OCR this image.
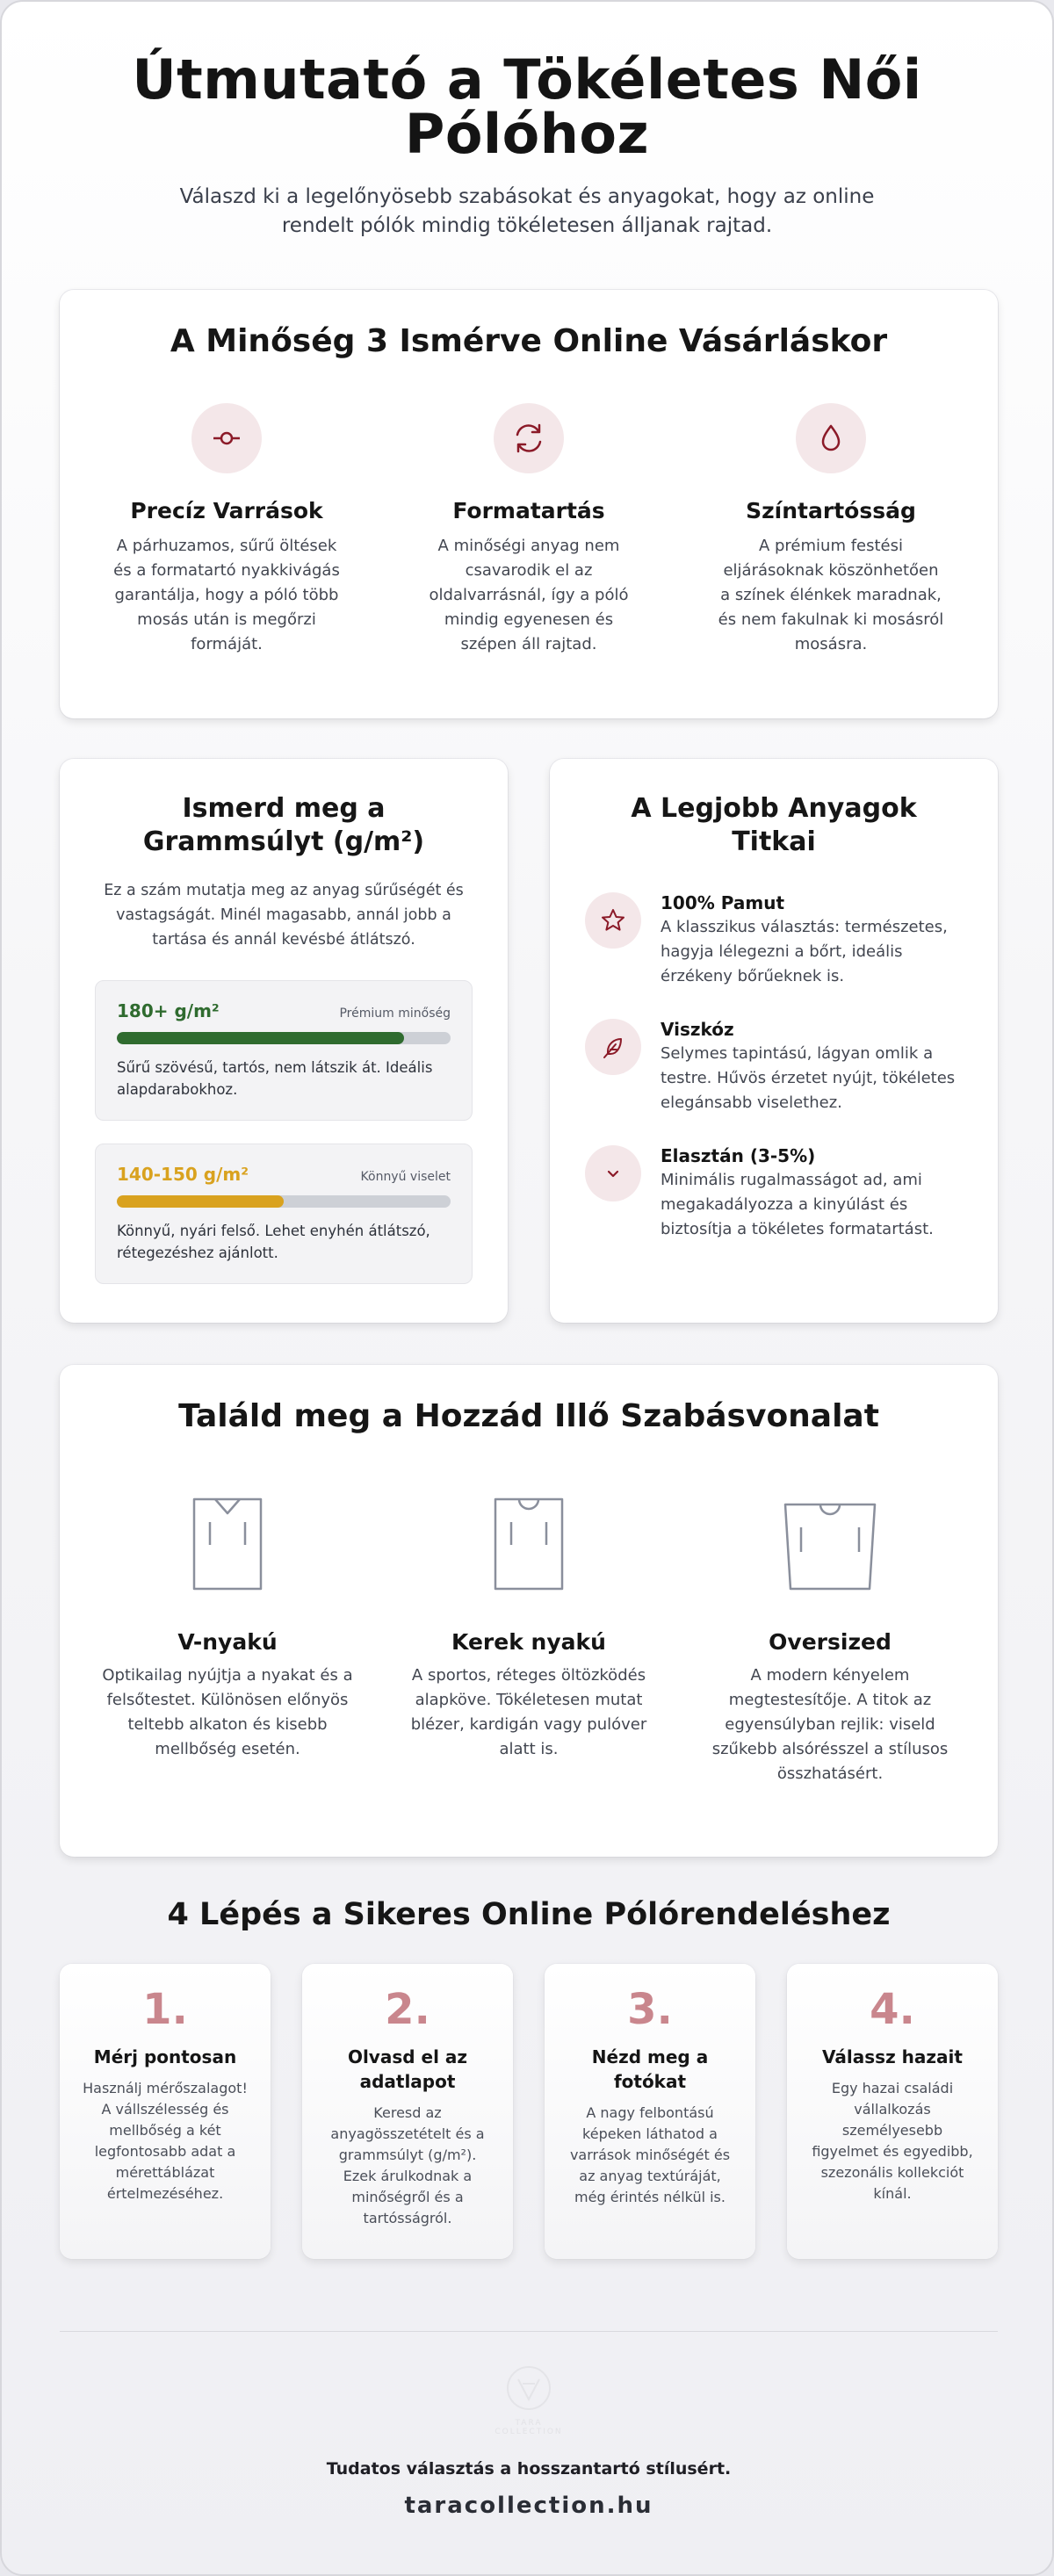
Útmutató a Tökéletes Női Pólóhoz

Válaszd ki a legelőnyösebb szabásokat és anyagokat, hogy az online rendelt pólók mindig tökéletesen álljanak rajtad.

A Minőség 3 Ismérve Online Vásárláskor
Precíz Varrások

A párhuzamos, sűrű öltések és a formatartó nyakkivágás garantálja, hogy a póló több mosás után is megőrzi formáját.

Formatartás

A minőségi anyag nem csavarodik el az oldalvarrásnál, így a póló mindig egyenesen és szépen áll rajtad.

Színtartósság

A prémium festési eljárásoknak köszönhetően a színek élénkek maradnak, és nem fakulnak ki mosásról mosásra.

Ismerd meg a Grammsúlyt (g/m²)

Ez a szám mutatja meg az anyag sűrűségét és vastagságát. Minél magasabb, annál jobb a tartása és annál kevésbé átlátszó.

180+ g/m²	Prémium minőség

Sűrű szövésű, tartós, nem látszik át. Ideális alapdarabokhoz.

140-150 g/m²	Könnyű viselet

Könnyű, nyári felső. Lehet enyhén átlátszó, rétegezéshez ajánlott.

A Legjobb Anyagok Titkai
100% Pamut

A klasszikus választás: természetes, hagyja lélegezni a bőrt, ideális érzékeny bőrűeknek is.

Viszkóz

Selymes tapintású, lágyan omlik a testre. Hűvös érzetet nyújt, tökéletes elegánsabb viselethez.

Elasztán (3-5%)

Minimális rugalmasságot ad, ami megakadályozza a kinyúlást és biztosítja a tökéletes formatartást.

Találd meg a Hozzád Illő Szabásvonalat
V-nyakú

Optikailag nyújtja a nyakat és a felsőtestet. Különösen előnyös teltebb alkaton és kisebb mellbőség esetén.

Kerek nyakú

A sportos, réteges öltözködés alapköve. Tökéletesen mutat blézer, kardigán vagy pulóver alatt is.

Oversized

A modern kényelem megtestesítője. A titok az egyensúlyban rejlik: viseld szűkebb alsórésszel a stílusos összhatásért.

4 Lépés a Sikeres Online Pólórendeléshez
1.
Mérj pontosan

Használj mérőszalagot! A vállszélesség és mellbőség a két legfontosabb adat a mérettáblázat értelmezéséhez.

2.
Olvasd el az adatlapot

Keresd az anyagösszetételt és a grammsúlyt (g/m²). Ezek árulkodnak a minőségről és a tartósságról.

3.
Nézd meg a fotókat

A nagy felbontású képeken láthatod a varrások minőségét és az anyag textúráját, még érintés nélkül is.

4.
Válassz hazait

Egy hazai családi vállalkozás személyesebb figyelmet és egyedibb, szezonális kollekciót kínál.

TARA COLLECTION

Tudatos választás a hosszantartó stílusért.

taracollection.hu
